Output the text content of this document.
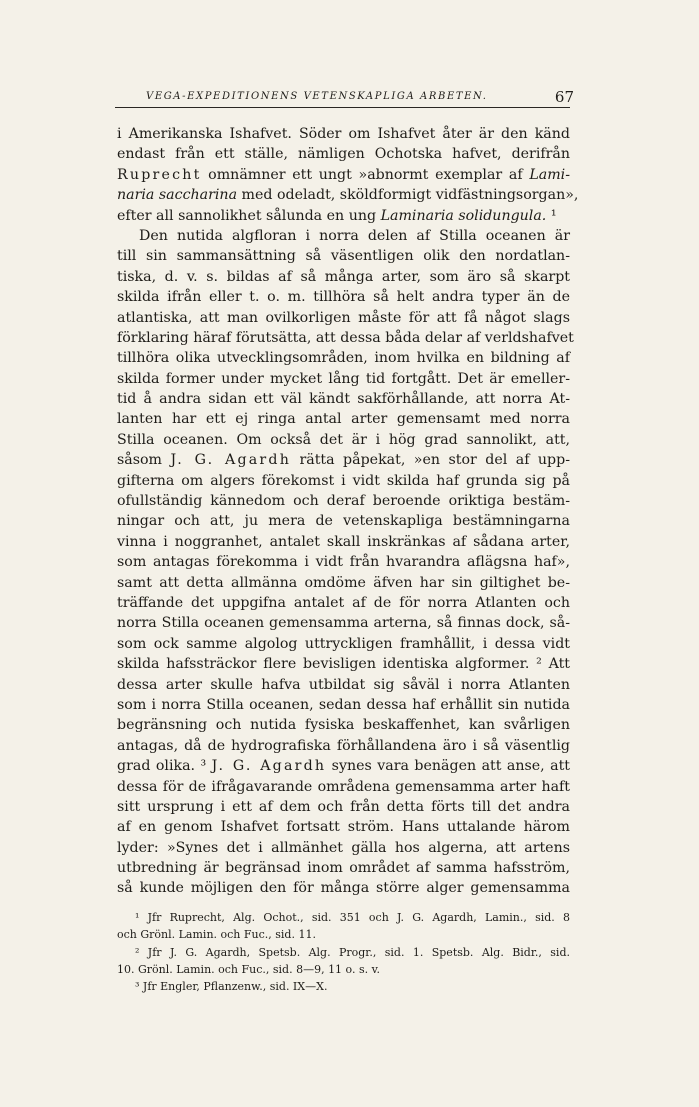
VEGA-EXPEDITIONENS VETENSKAPLIGA ARBETEN.	67
i Amerikanska Ishafvet. Söder om Ishafvet åter är den känd
endast från ett ställe, nämligen Ochotska hafvet, derifrån
Ruprecht omnämner ett ungt »abnormt exemplar af Lami-
naria saccharina med odeladt, sköldformigt vidfästningsorgan»,
efter all sannolikhet sålunda en ung Laminaria solidungula. ¹
Den nutida algfloran i norra delen af Stilla oceanen är
till sin sammansättning så väsentligen olik den nordatlan-
tiska, d. v. s. bildas af så många arter, som äro så skarpt
skilda ifrån eller t. o. m. tillhöra så helt andra typer än de
atlantiska, att man ovilkorligen måste för att få något slags
förklaring häraf förutsätta, att dessa båda delar af verldshafvet
tillhöra olika utvecklingsområden, inom hvilka en bildning af
skilda former under mycket lång tid fortgått. Det är emeller-
tid å andra sidan ett väl kändt sakförhållande, att norra At-
lanten har ett ej ringa antal arter gemensamt med norra
Stilla oceanen. Om också det är i hög grad sannolikt, att,
såsom J. G. Agardh rätta påpekat, »en stor del af upp-
gifterna om algers förekomst i vidt skilda haf grunda sig på
ofullständig kännedom och deraf beroende oriktiga bestäm-
ningar och att, ju mera de vetenskapliga bestämningarna
vinna i noggranhet, antalet skall inskränkas af sådana arter,
som antagas förekomma i vidt från hvarandra aflägsna haf»,
samt att detta allmänna omdöme äfven har sin giltighet be-
träffande det uppgifna antalet af de för norra Atlanten och
norra Stilla oceanen gemensamma arterna, så finnas dock, så-
som ock samme algolog uttryckligen framhållit, i dessa vidt
skilda hafssträckor flere bevisligen identiska algformer. ² Att
dessa arter skulle hafva utbildat sig såväl i norra Atlanten
som i norra Stilla oceanen, sedan dessa haf erhållit sin nutida
begränsning och nutida fysiska beskaffenhet, kan svårligen
antagas, då de hydrografiska förhållandena äro i så väsentlig
grad olika. ³ J. G. Agardh synes vara benägen att anse, att
dessa för de ifrågavarande områdena gemensamma arter haft
sitt ursprung i ett af dem och från detta förts till det andra
af en genom Ishafvet fortsatt ström. Hans uttalande härom
lyder: »Synes det i allmänhet gälla hos algerna, att artens
utbredning är begränsad inom området af samma hafsström,
så kunde möjligen den för många större alger gemensamma
¹ Jfr Ruprecht, Alg. Ochot., sid. 351 och J. G. Agardh, Lamin., sid. 8
och Grönl. Lamin. och Fuc., sid. 11.
² Jfr J. G. Agardh, Spetsb. Alg. Progr., sid. 1. Spetsb. Alg. Bidr., sid.
10. Grönl. Lamin. och Fuc., sid. 8—9, 11 o. s. v.
³ Jfr Engler, Pflanzenw., sid. IX—X.
